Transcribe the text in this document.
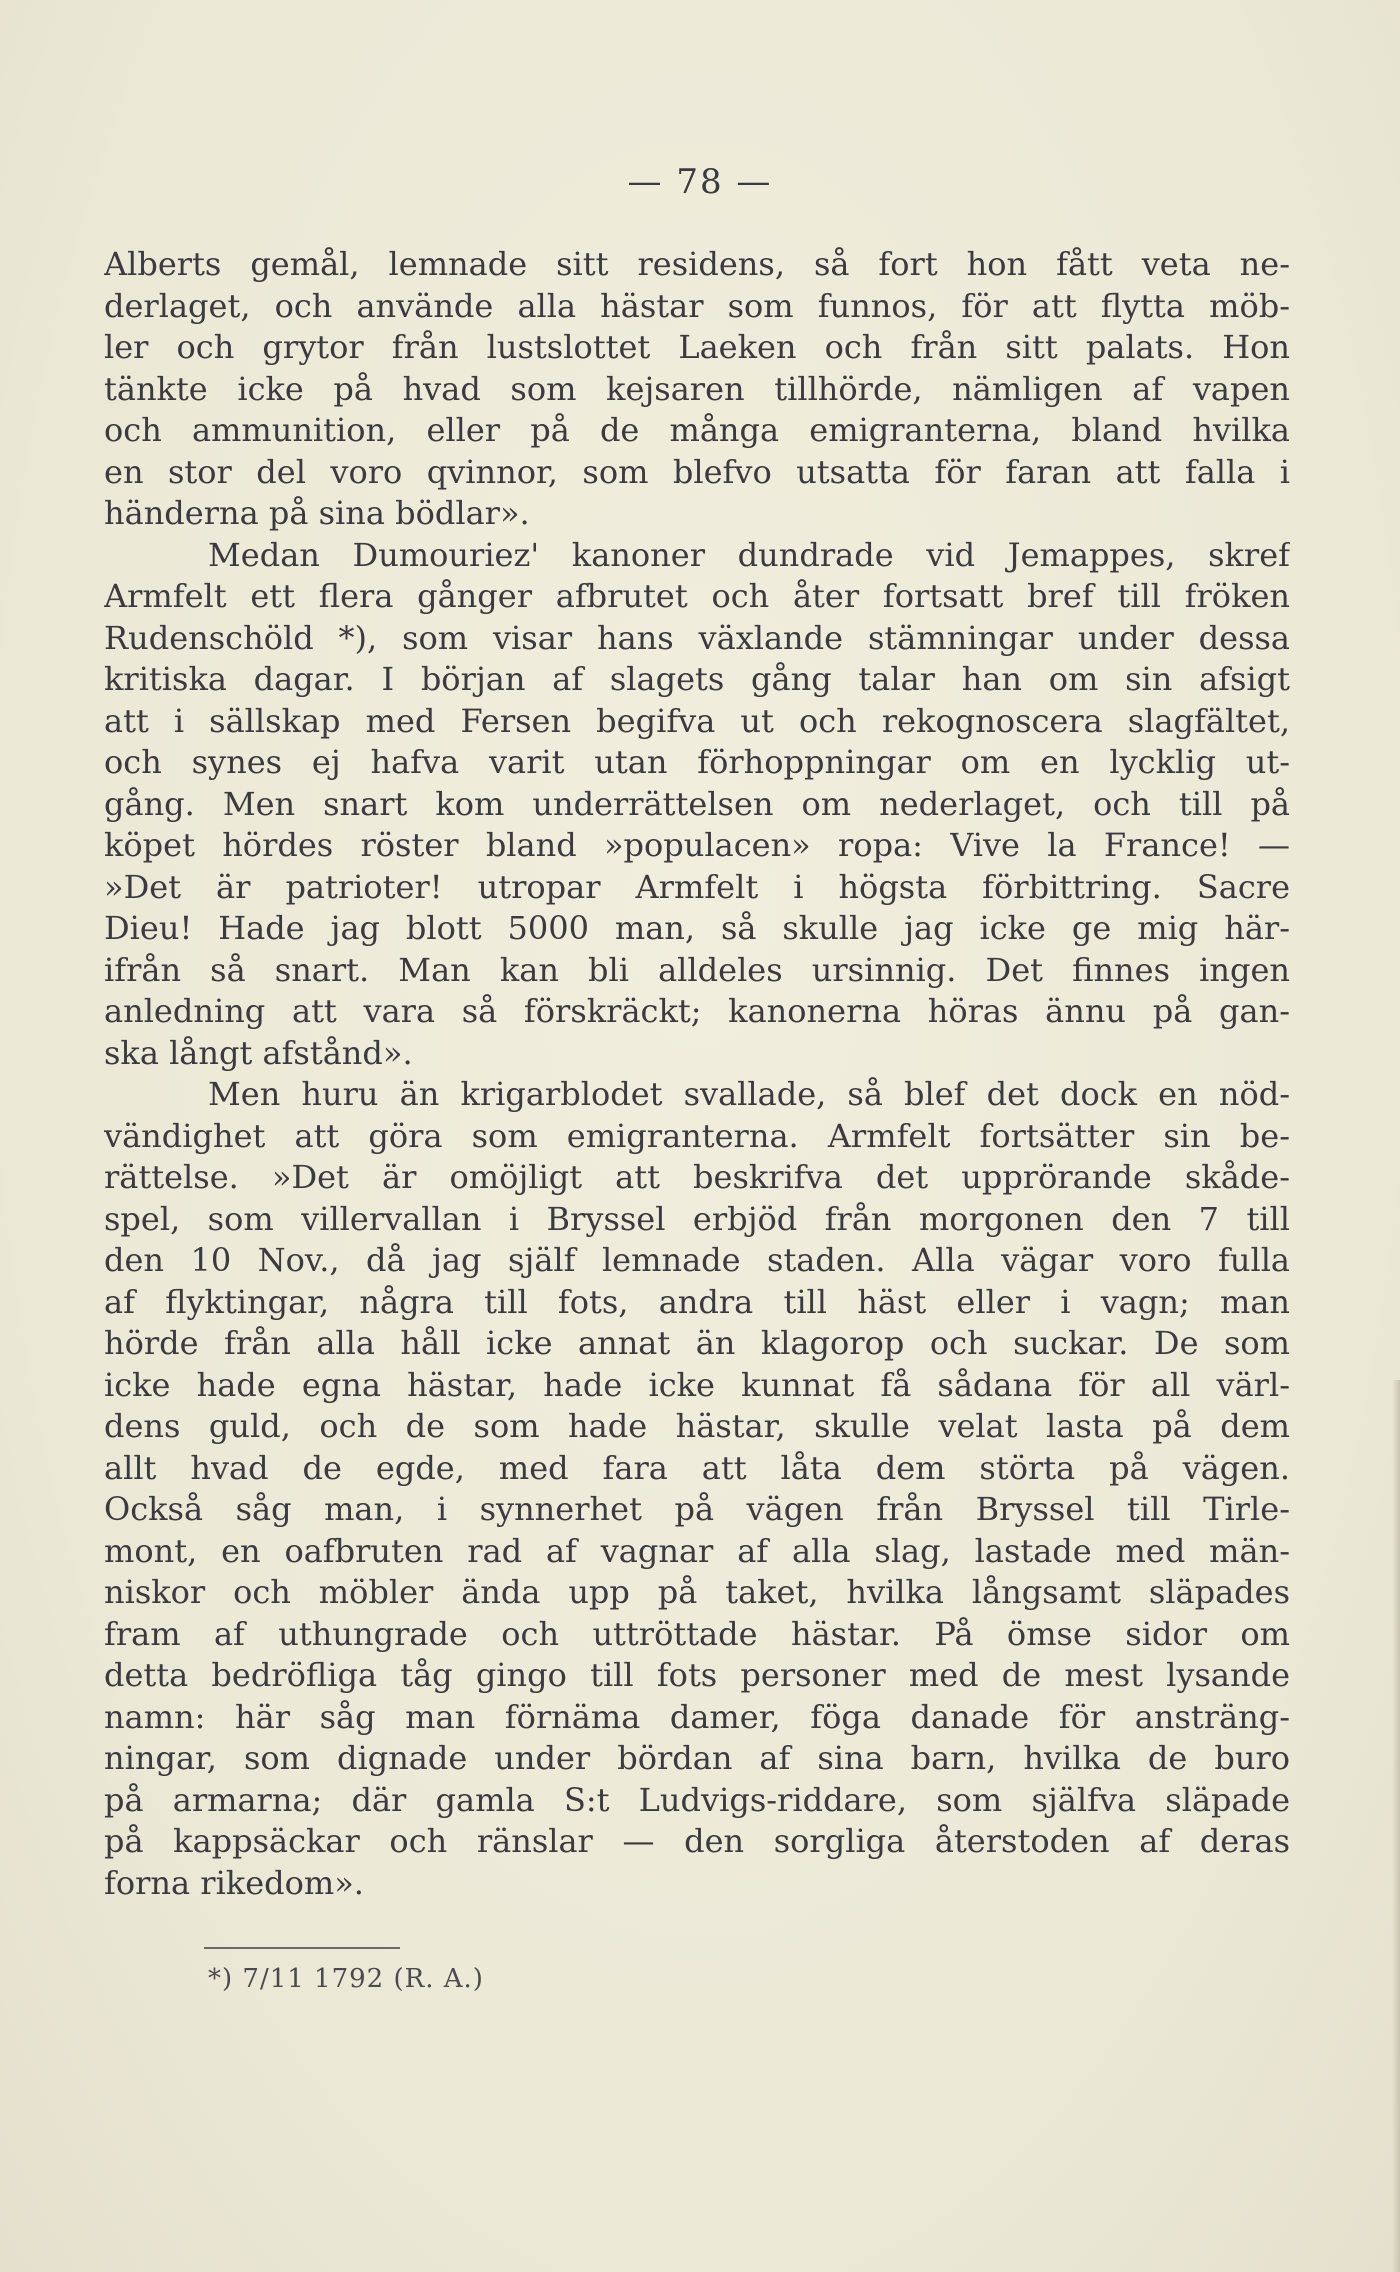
— 78 —
Alberts gemål, lemnade sitt residens, så fort hon fått veta ne-
derlaget, och använde alla hästar som funnos, för att flytta möb-
ler och grytor från lustslottet Laeken och från sitt palats. Hon
tänkte icke på hvad som kejsaren tillhörde, nämligen af vapen
och ammunition, eller på de många emigranterna, bland hvilka
en stor del voro qvinnor, som blefvo utsatta för faran att falla i
händerna på sina bödlar».
Medan Dumouriez' kanoner dundrade vid Jemappes, skref
Armfelt ett flera gånger afbrutet och åter fortsatt bref till fröken
Rudenschöld *), som visar hans växlande stämningar under dessa
kritiska dagar. I början af slagets gång talar han om sin afsigt
att i sällskap med Fersen begifva ut och rekognoscera slagfältet,
och synes ej hafva varit utan förhoppningar om en lycklig ut-
gång. Men snart kom underrättelsen om nederlaget, och till på
köpet hördes röster bland »populacen» ropa: Vive la France! —
»Det är patrioter! utropar Armfelt i högsta förbittring. Sacre
Dieu! Hade jag blott 5000 man, så skulle jag icke ge mig här-
ifrån så snart. Man kan bli alldeles ursinnig. Det finnes ingen
anledning att vara så förskräckt; kanonerna höras ännu på gan-
ska långt afstånd».
Men huru än krigarblodet svallade, så blef det dock en nöd-
vändighet att göra som emigranterna. Armfelt fortsätter sin be-
rättelse. »Det är omöjligt att beskrifva det upprörande skåde-
spel, som villervallan i Bryssel erbjöd från morgonen den 7 till
den 10 Nov., då jag själf lemnade staden. Alla vägar voro fulla
af flyktingar, några till fots, andra till häst eller i vagn; man
hörde från alla håll icke annat än klagorop och suckar. De som
icke hade egna hästar, hade icke kunnat få sådana för all värl-
dens guld, och de som hade hästar, skulle velat lasta på dem
allt hvad de egde, med fara att låta dem störta på vägen.
Också såg man, i synnerhet på vägen från Bryssel till Tirle-
mont, en oafbruten rad af vagnar af alla slag, lastade med män-
niskor och möbler ända upp på taket, hvilka långsamt släpades
fram af uthungrade och uttröttade hästar. På ömse sidor om
detta bedröfliga tåg gingo till fots personer med de mest lysande
namn: här såg man förnäma damer, föga danade för ansträng-
ningar, som dignade under bördan af sina barn, hvilka de buro
på armarna; där gamla S:t Ludvigs-riddare, som själfva släpade
på kappsäckar och ränslar — den sorgliga återstoden af deras
forna rikedom».
*) 7/11 1792 (R. A.)
